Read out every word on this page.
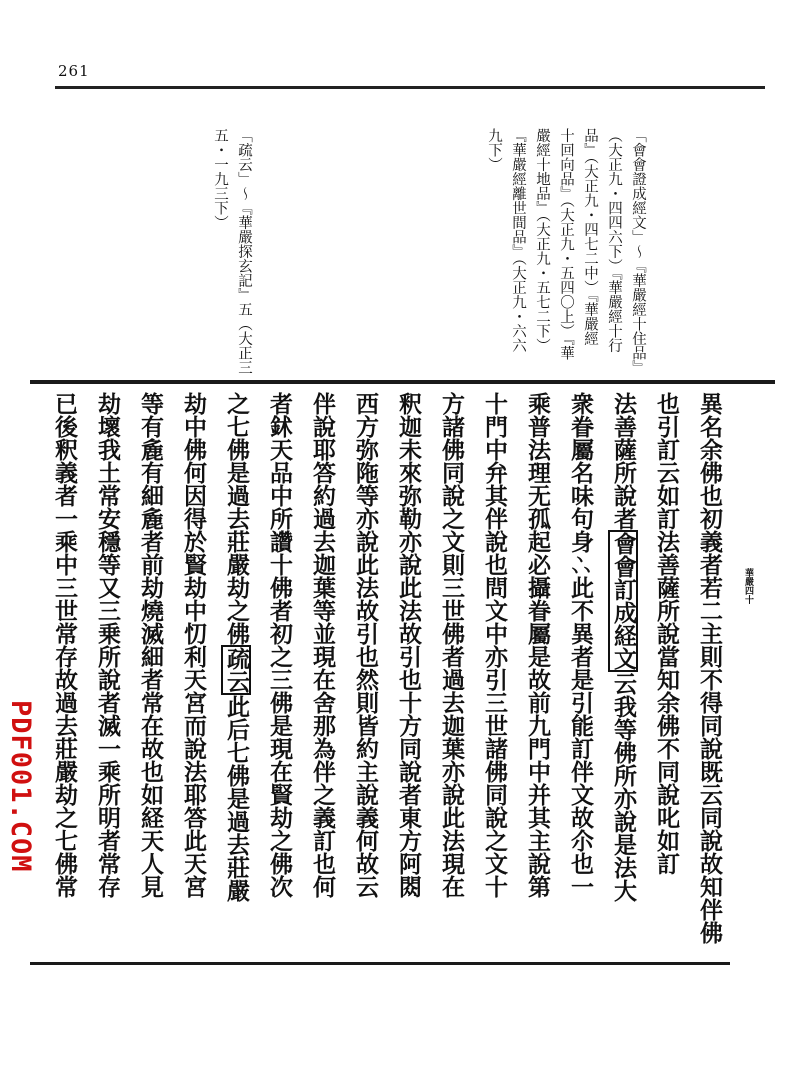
261
「會會證成經文」〜『華嚴經十住品』
（大正九・四四六下）『華嚴經十行
品』（大正九・四七二中）『華嚴經
十回向品』（大正九・五四〇上）『華
嚴經十地品』（大正九・五七二下）
『華嚴經離世間品』（大正九・六六
九下）
「疏云」〜『華嚴探玄記』五（大正三
五・一九三下）
華嚴四十
異名余佛也初義者若二主則不得同說既云同說故知伴佛
也引訂云如訂法善薩所說當知余佛不同說叱如訂
法善薩所說者會會訂成経文云我等佛所亦說是法大
衆眷屬名味句身𠁼此不異者是引能訂伴文故尒也一
乘普法理无孤起必攝眷屬是故前九門中并其主說第
十門中弁其伴說也問文中亦引三世諸佛同說之文十
方諸佛同說之文則三世佛者過去迦葉亦說此法現在
釈迦未來弥勒亦說此法故引也十方同說者東方阿閦
西方弥陁等亦說此法故引也然則皆約主說義何故云
伴說耶答約過去迦葉等並現在舍那為伴之義訂也何
者鉥天品中所讚十佛者初之三佛是現在賢劫之佛次
之七佛是過去莊嚴劫之佛疏云此后七佛是過去莊嚴
劫中佛何因得於賢劫中忉利天宮而說法耶答此天宮
等有麁有細麁者前劫燒滅細者常在故也如経天人見
劫壞我土常安穩等又三乗所說者滅一乘所明者常存
已後釈義者一乘中三世常存故過去莊嚴劫之七佛常
PDF001.COM
